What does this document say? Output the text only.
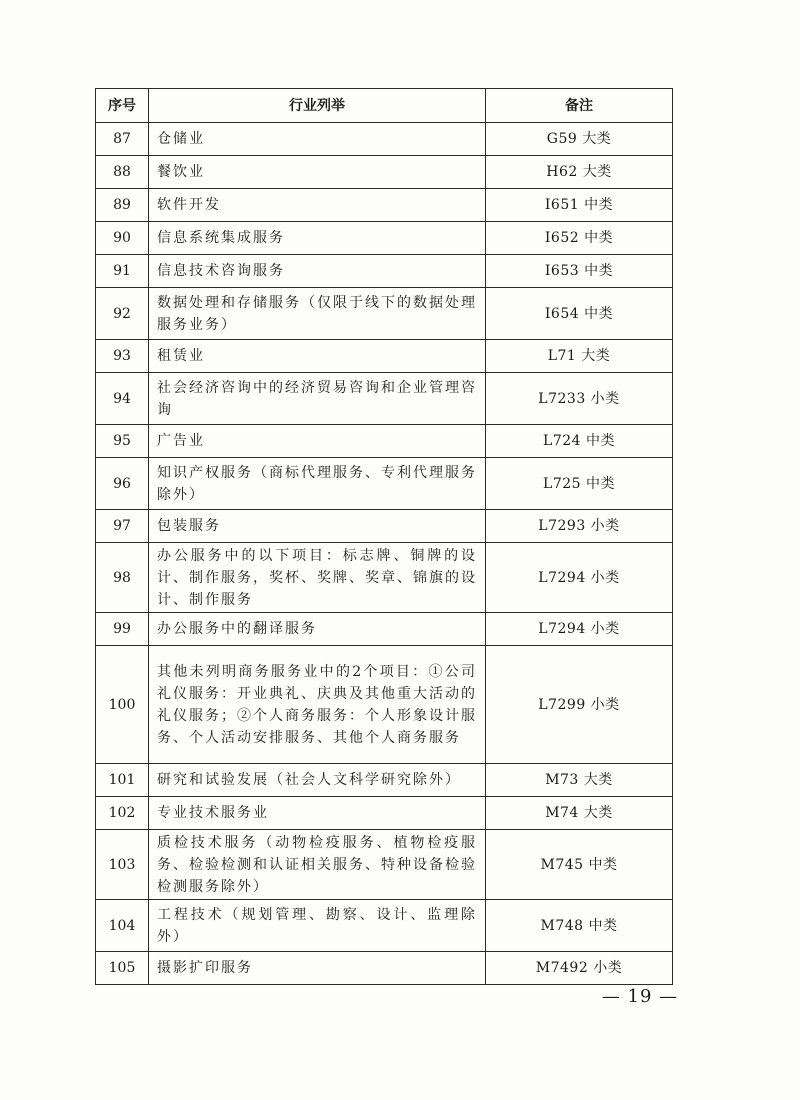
序号	行业列举	备注
87	仓储业	G59 大类
88	餐饮业	H62 大类
89	软件开发	I651 中类
90	信息系统集成服务	I652 中类
91	信息技术咨询服务	I653 中类
92	数据处理和存储服务（仅限于线下的数据处理服务业务）	I654 中类
93	租赁业	L71 大类
94	社会经济咨询中的经济贸易咨询和企业管理咨询	L7233 小类
95	广告业	L724 中类
96	知识产权服务（商标代理服务、专利代理服务除外）	L725 中类
97	包装服务	L7293 小类
98	办公服务中的以下项目：标志牌、铜牌的设计、制作服务，奖杯、奖牌、奖章、锦旗的设计、制作服务	L7294 小类
99	办公服务中的翻译服务	L7294 小类
100	其他未列明商务服务业中的2个项目：①公司礼仪服务：开业典礼、庆典及其他重大活动的礼仪服务；②个人商务服务：个人形象设计服务、个人活动安排服务、其他个人商务服务	L7299 小类
101	研究和试验发展（社会人文科学研究除外）	M73 大类
102	专业技术服务业	M74 大类
103	质检技术服务（动物检疫服务、植物检疫服务、检验检测和认证相关服务、特种设备检验检测服务除外）	M745 中类
104	工程技术（规划管理、勘察、设计、监理除外）	M748 中类
105	摄影扩印服务	M7492 小类
— 19 —
